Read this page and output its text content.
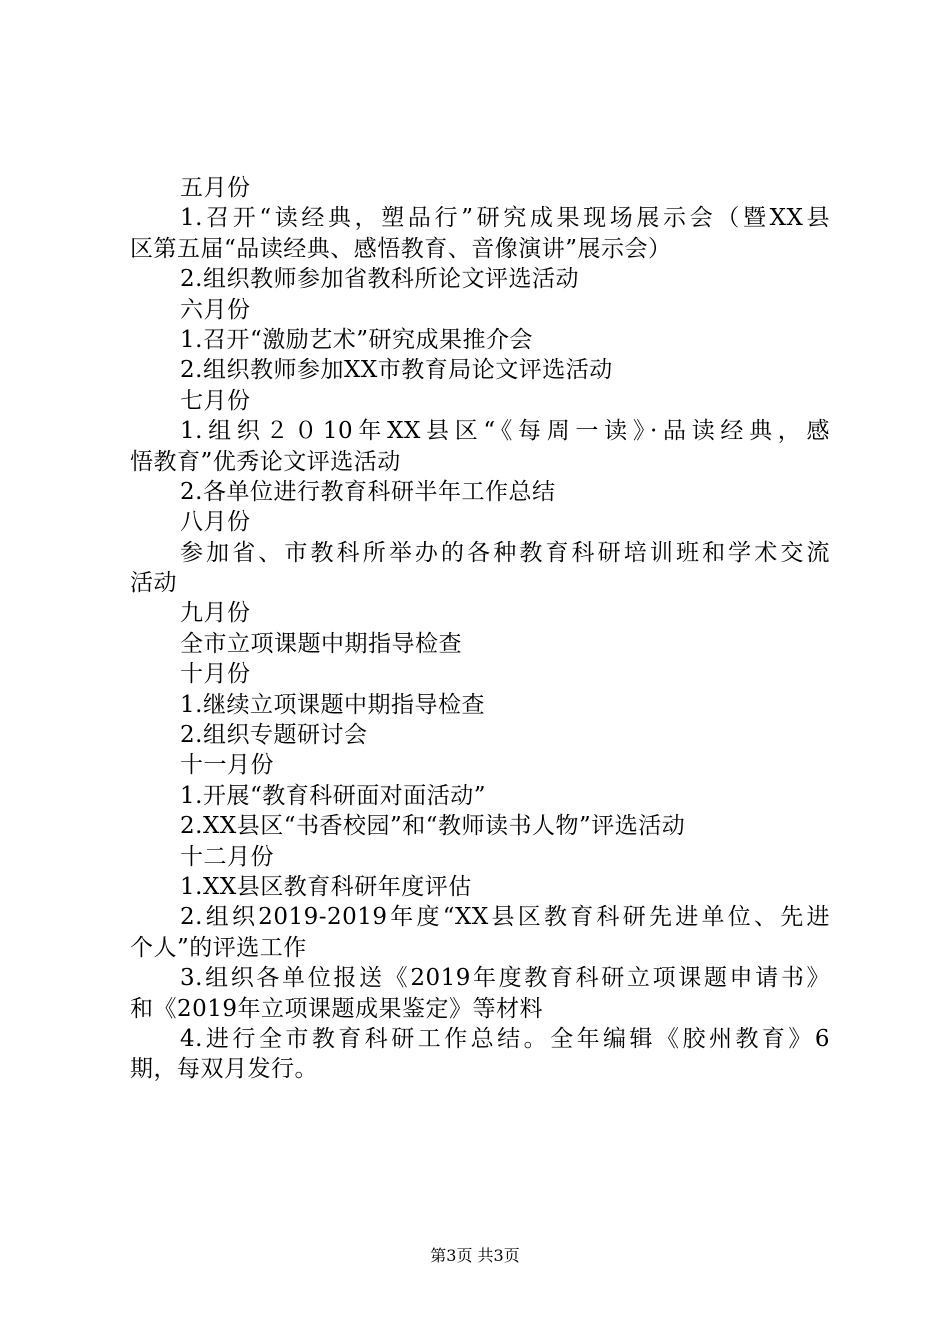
五月份
1.召开“读经典，塑品行”研究成果现场展示会（暨XX县
区第五届“品读经典、感悟教育、音像演讲”展示会）
2.组织教师参加省教科所论文评选活动
六月份
1.召开“激励艺术”研究成果推介会
2.组织教师参加XX市教育局论文评选活动
七月份
1.组织２０10年XX县区“《每周一读》·品读经典，感
悟教育”优秀论文评选活动
2.各单位进行教育科研半年工作总结
八月份
参加省、市教科所举办的各种教育科研培训班和学术交流
活动
九月份
全市立项课题中期指导检查
十月份
1.继续立项课题中期指导检查
2.组织专题研讨会
十一月份
1.开展“教育科研面对面活动”
2.XX县区“书香校园”和“教师读书人物”评选活动
十二月份
1.XX县区教育科研年度评估
2.组织2019-2019年度“XX县区教育科研先进单位、先进
个人”的评选工作
3.组织各单位报送《2019年度教育科研立项课题申请书》
和《2019年立项课题成果鉴定》等材料
4.进行全市教育科研工作总结。全年编辑《胶州教育》6
期，每双月发行。
第3页 共3页
